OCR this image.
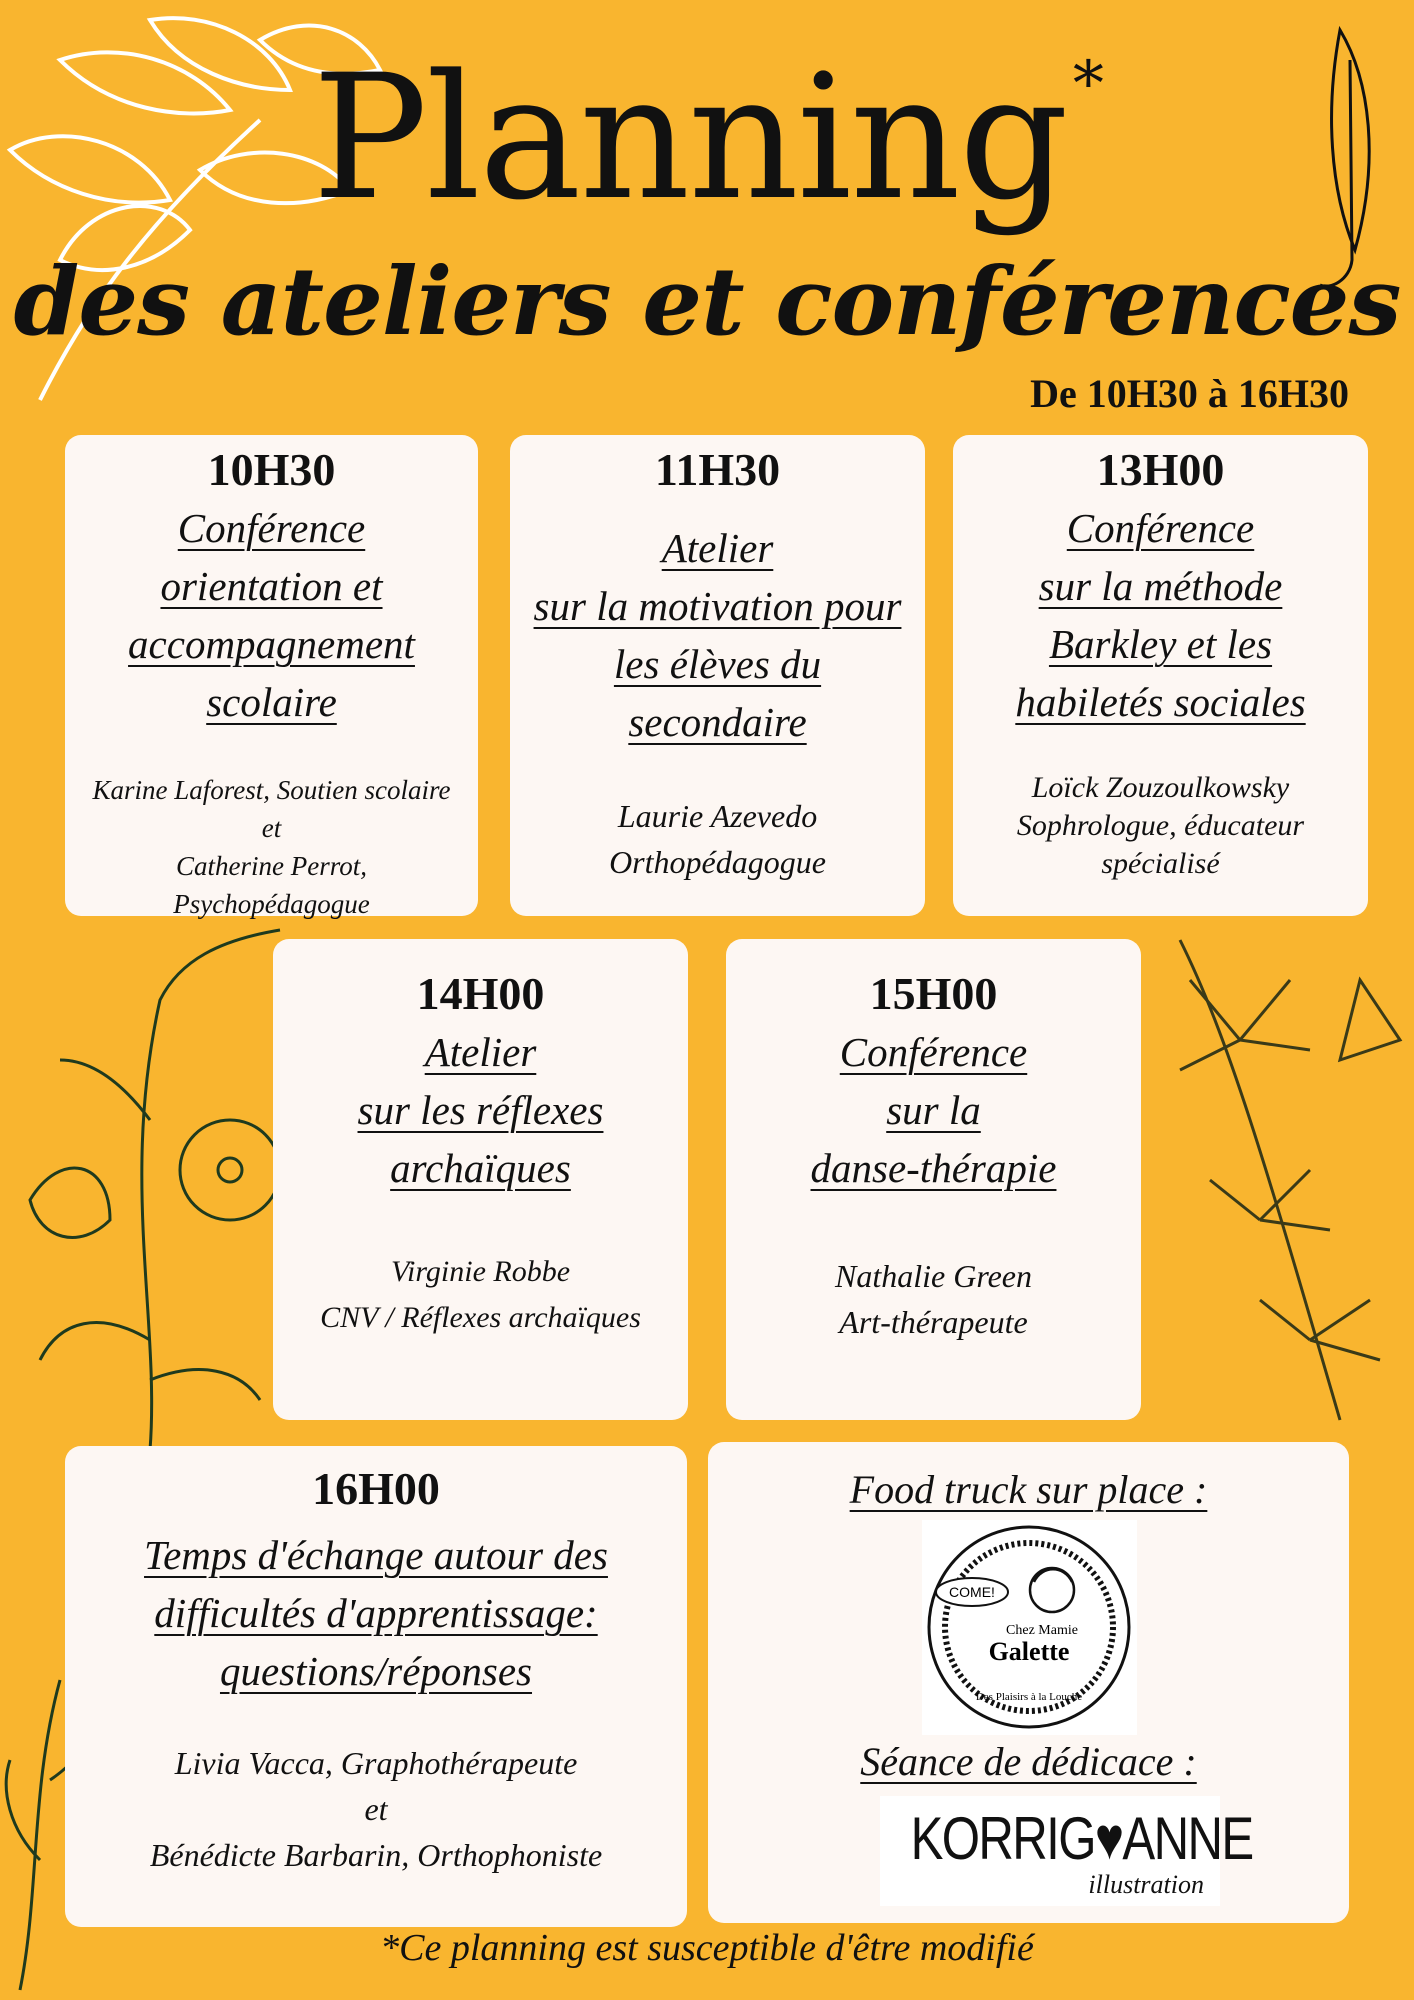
Planning*
des ateliers et conférences
De 10H30 à 16H30
10H30
Conférence
orientation et
accompagnement
scolaire
Karine Laforest, Soutien scolaire
et
Catherine Perrot, Psychopédagogue
11H30
Atelier
sur la motivation pour
les élèves du
secondaire
Laurie Azevedo
Orthopédagogue
13H00
Conférence
sur la méthode
Barkley et les
habiletés sociales
Loïck Zouzoulkowsky
Sophrologue, éducateur
spécialisé
14H00
Atelier
sur les réflexes
archaïques
Virginie Robbe
CNV / Réflexes archaïques
15H00
Conférence
sur la
danse-thérapie
Nathalie Green
Art-thérapeute
16H00
Temps d'échange autour des
difficultés d'apprentissage:
questions/réponses
Livia Vacca, Graphothérapeute
et
Bénédicte Barbarin, Orthophoniste
Food truck sur place :
Séance de dédicace :
COME!
Chez Mamie
Galette
Des Plaisirs à la Louche
KORRIG♥ANNE
illustration
*Ce planning est susceptible d'être modifié
